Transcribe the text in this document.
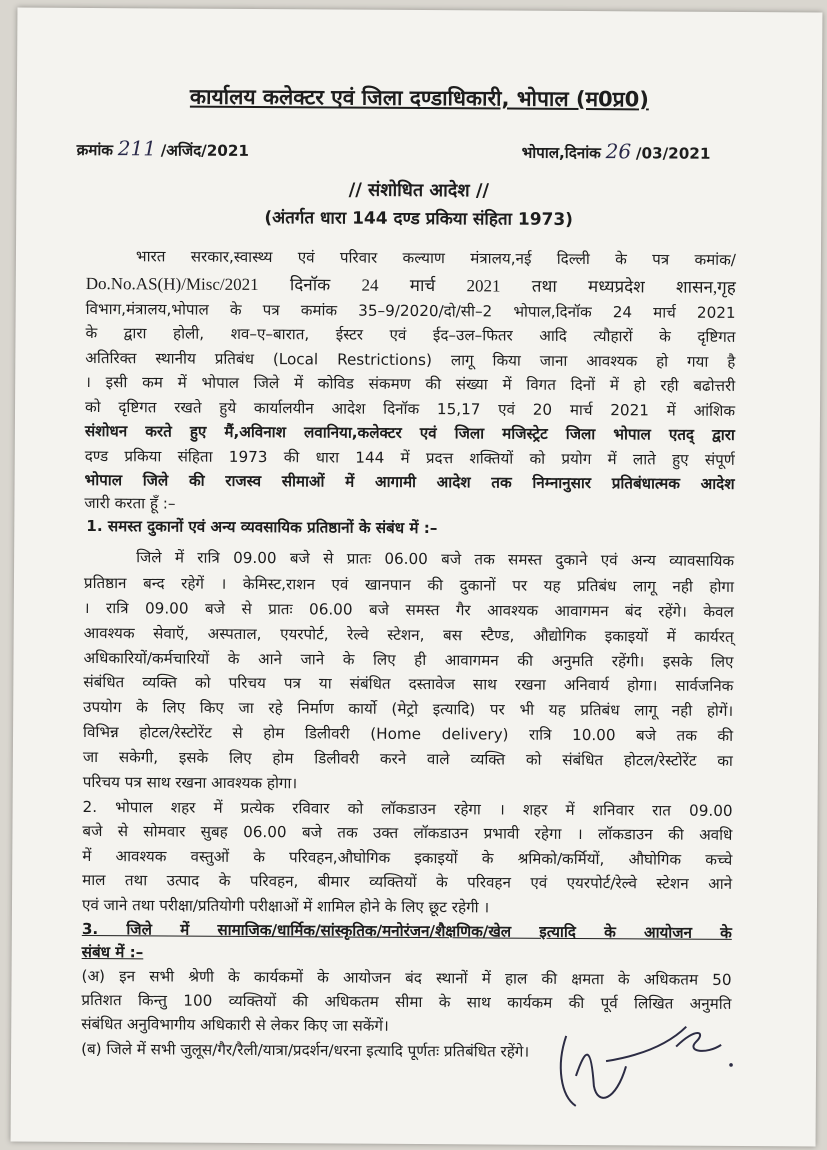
कार्यालय कलेक्टर एवं जिला दण्डाधिकारी, भोपाल (म0प्र0)
क्रमांक 211 /अजिंद/2021	भोपाल,दिनांक 26 /03/2021
// संशोधित आदेश //
(अंतर्गत धारा 144 दण्ड प्रकिया संहिता 1973)
भारत सरकार,स्वास्थ्य एवं परिवार कल्याण मंत्रालय,नई दिल्ली के पत्र कमांक/
Do.No.AS(H)/Misc/2021 दिनॉक 24 मार्च 2021 तथा मध्यप्रदेश शासन,गृह
विभाग,मंत्रालय,भोपाल के पत्र कमांक 35–9/2020/दो/सी–2 भोपाल,दिनॉक 24 मार्च 2021
के द्वारा होली, शव–ए–बारात, ईस्टर एवं ईद–उल–फितर आदि त्यौहारों के दृष्टिगत
अतिरिक्त स्थानीय प्रतिबंध (Local Restrictions) लागू किया जाना आवश्यक हो गया है
। इसी कम में भोपाल जिले में कोविड संकमण की संख्या में विगत दिनों में हो रही बढोत्तरी
को दृष्टिगत रखते हुये कार्यालयीन आदेश दिनॉक 15,17 एवं 20 मार्च 2021 में आंशिक
संशोधन करते हुए मैं,अविनाश लवानिया,कलेक्टर एवं जिला मजिस्ट्रेट जिला भोपाल एतद् द्वारा
दण्ड प्रकिया संहिता 1973 की धारा 144 में प्रदत्त शक्तियों को प्रयोग में लाते हुए संपूर्ण
भोपाल जिले की राजस्व सीमाओं में आगामी आदेश तक निम्नानुसार प्रतिबंधात्मक आदेश
जारी करता हूँ :–
1. समस्त दुकानों एवं अन्य व्यवसायिक प्रतिष्ठानों के संबंध में :–
जिले में रात्रि 09.00 बजे से प्रातः 06.00 बजे तक समस्त दुकाने एवं अन्य व्यावसायिक
प्रतिष्ठान बन्द रहेगें । केमिस्ट,राशन एवं खानपान की दुकानों पर यह प्रतिबंध लागू नही होगा
। रात्रि 09.00 बजे से प्रातः 06.00 बजे समस्त गैर आवश्यक आवागमन बंद रहेंगे। केवल
आवश्यक सेवाऍ, अस्पताल, एयरपोर्ट, रेल्वे स्टेशन, बस स्टैण्ड, औद्योगिक इकाइयों में कार्यरत्
अधिकारियों/कर्मचारियों के आने जाने के लिए ही आवागमन की अनुमति रहेंगी। इसके लिए
संबंधित व्यक्ति को परिचय पत्र या संबंधित दस्तावेज साथ रखना अनिवार्य होगा। सार्वजनिक
उपयोग के लिए किए जा रहे निर्माण कार्यो (मेट्रो इत्यादि) पर भी यह प्रतिबंध लागू नही होगें।
विभिन्न होटल/रेस्टोरेंट से होम डिलीवरी (Home delivery) रात्रि 10.00 बजे तक की
जा सकेगी, इसके लिए होम डिलीवरी करने वाले व्यक्ति को संबंधित होटल/रेस्टोरेंट का
परिचय पत्र साथ रखना आवश्यक होगा।
2. भोपाल शहर में प्रत्येक रविवार को लॉकडाउन रहेगा । शहर में शनिवार रात 09.00
बजे से सोमवार सुबह 06.00 बजे तक उक्त लॉकडाउन प्रभावी रहेगा । लॉकडाउन की अवधि
में आवश्यक वस्तुओं के परिवहन,औघोगिक इकाइयों के श्रमिको/कर्मियों, औघोगिक कच्चे
माल तथा उत्पाद के परिवहन, बीमार व्यक्तियों के परिवहन एवं एयरपोर्ट/रेल्वे स्टेशन आने
एवं जाने तथा परीक्षा/प्रतियोगी परीक्षाओं में शामिल होने के लिए छूट रहेगी ।
3. जिले में सामाजिक/धार्मिक/सांस्कृतिक/मनोरंजन/शैक्षणिक/खेल इत्यादि के आयोजन के
संबंध में :–
(अ) इन सभी श्रेणी के कार्यकमों के आयोजन बंद स्थानों में हाल की क्षमता के अधिकतम 50
प्रतिशत किन्तु 100 व्यक्तियों की अधिकतम सीमा के साथ कार्यकम की पूर्व लिखित अनुमति
संबंधित अनुविभागीय अधिकारी से लेकर किए जा सकेंगें।
(ब) जिले में सभी जुलूस/गैर/रैली/यात्रा/प्रदर्शन/धरना इत्यादि पूर्णतः प्रतिबंधित रहेंगे।
